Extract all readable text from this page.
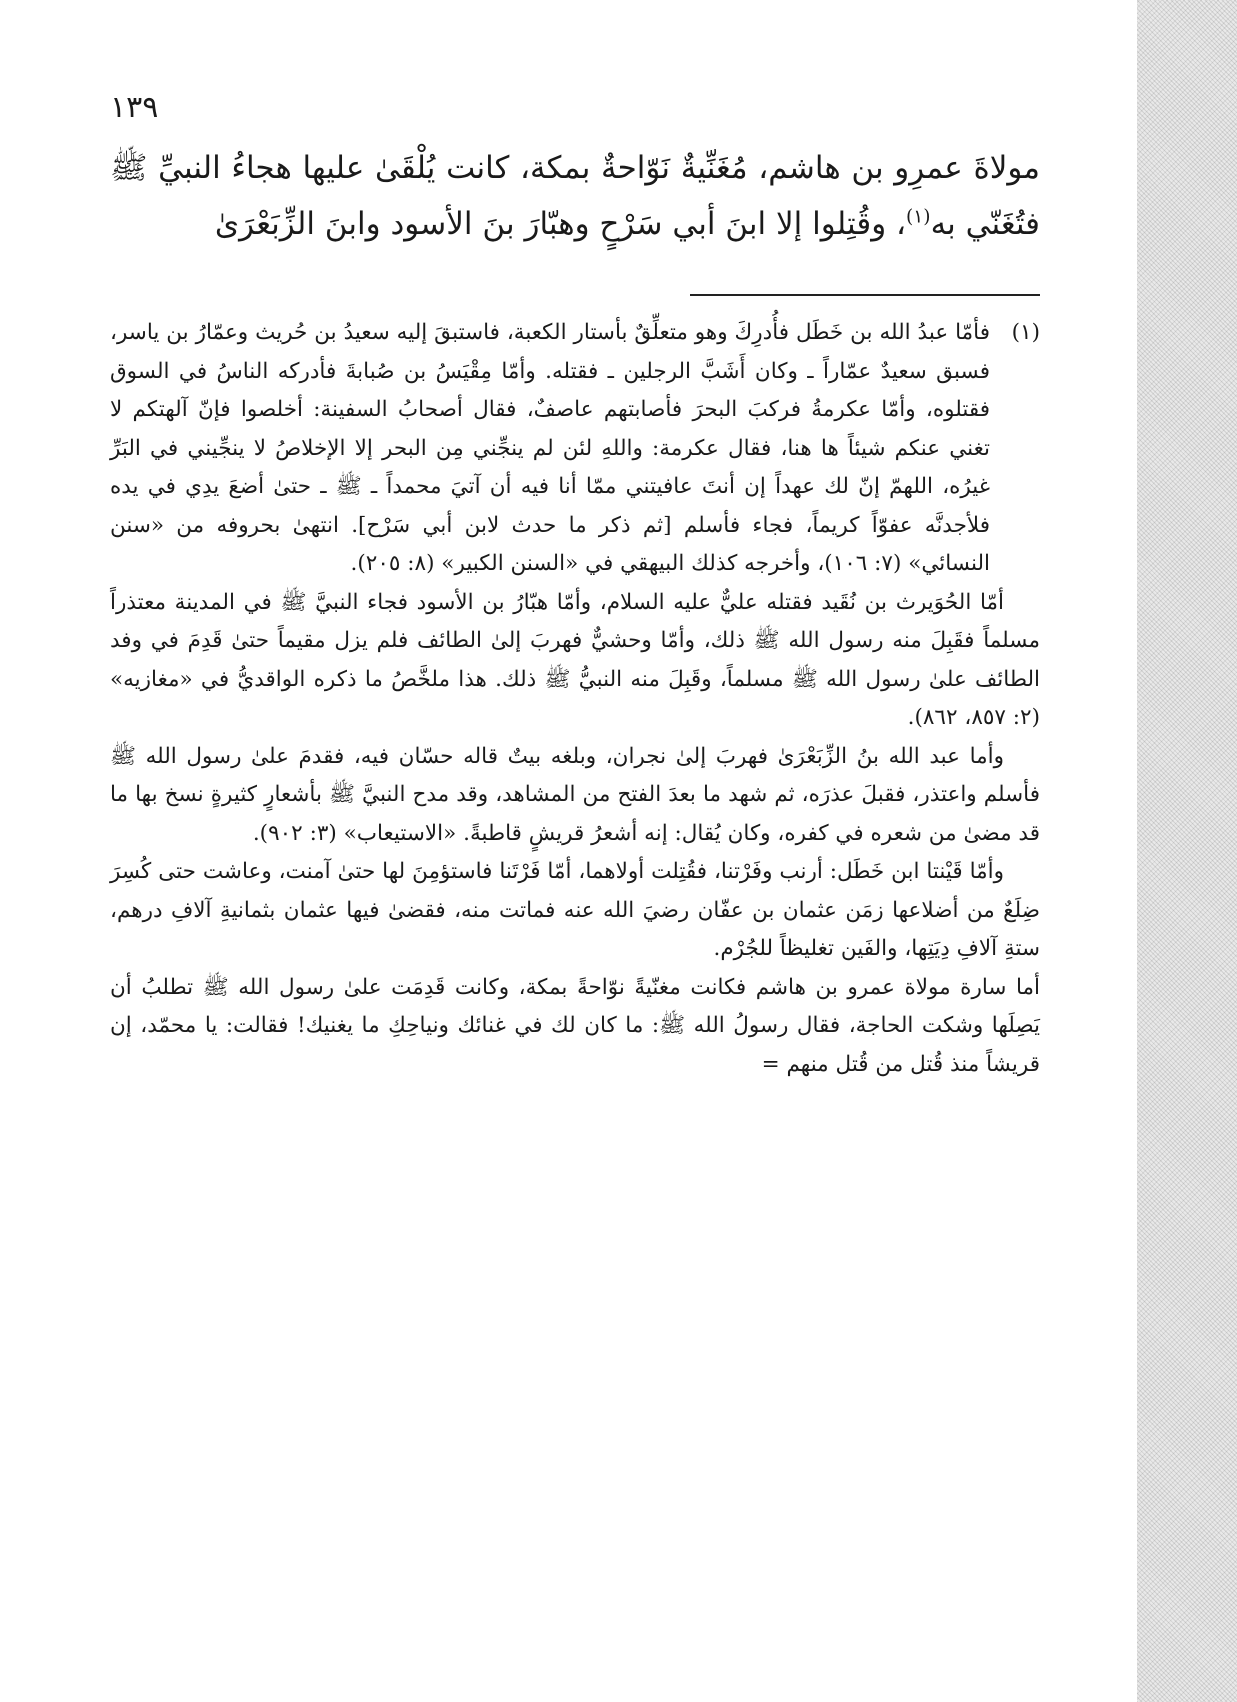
١٣٩

مولاةَ عمرِو بن هاشم، مُغَنِّيةٌ نَوّاحةٌ بمكة، كانت يُلْقَىٰ عليها هجاءُ النبيِّ ﷺ فتُغَنّي به$^{(١)}$، وقُتِلوا إلا ابنَ أبي سَرْحٍ وهبّارَ بنَ الأسود وابنَ الزِّبَعْرَىٰ

(١)
فأمّا عبدُ الله بن خَطَل فأُدرِكَ وهو متعلِّقٌ بأستار الكعبة، فاستبقَ إليه سعيدُ بن حُريث وعمّارُ بن ياسر، فسبق سعيدٌ عمّاراً ـ وكان أَشَبَّ الرجلين ـ فقتله. وأمّا مِقْيَسُ بن صُبابةَ فأدركه الناسُ في السوق فقتلوه، وأمّا عكرمةُ فركبَ البحرَ فأصابتهم عاصفٌ، فقال أصحابُ السفينة: أخلصوا فإنّ آلهتكم لا تغني عنكم شيئاً ها هنا، فقال عكرمة: واللهِ لئن لم ينجِّني مِن البحر إلا الإخلاصُ لا ينجِّيني في البَرِّ غيرُه، اللهمّ إنّ لك عهداً إن أنتَ عافيتني ممّا أنا فيه أن آتيَ محمداً ـ ﷺ ـ حتىٰ أضعَ يدِي في يده فلأجدنَّه عفوّاً كريماً، فجاء فأسلم [ثم ذكر ما حدث لابن أبي سَرْح]. انتهىٰ بحروفه من «سنن النسائي» (٧: ١٠٦)، وأخرجه كذلك البيهقي في «السنن الكبير» (٨: ٢٠٥).

أمّا الحُوَيرث بن نُقَيد فقتله عليٌّ عليه السلام، وأمّا هبّارُ بن الأسود فجاء النبيَّ ﷺ في المدينة معتذراً مسلماً فقَبِلَ منه رسول الله ﷺ ذلك، وأمّا وحشيٌّ فهربَ إلىٰ الطائف فلم يزل مقيماً حتىٰ قَدِمَ في وفد الطائف علىٰ رسول الله ﷺ مسلماً، وقَبِلَ منه النبيُّ ﷺ ذلك. هذا ملخَّصُ ما ذكره الواقديُّ في «مغازيه» (٢: ٨٥٧، ٨٦٢).

وأما عبد الله بنُ الزِّبَعْرَىٰ فهربَ إلىٰ نجران، وبلغه بيتٌ قاله حسّان فيه، فقدمَ علىٰ رسول الله ﷺ فأسلم واعتذر، فقبلَ عذرَه، ثم شهد ما بعدَ الفتح من المشاهد، وقد مدح النبيَّ ﷺ بأشعارٍ كثيرةٍ نسخ بها ما قد مضىٰ من شعره في كفره، وكان يُقال: إنه أشعرُ قريشٍ قاطبةً. «الاستيعاب» (٣: ٩٠٢).

وأمّا قَيْنتا ابن خَطَل: أرنب وفَرْتنا، فقُتِلت أولاهما، أمّا فَرْتَنا فاستؤمِنَ لها حتىٰ آمنت، وعاشت حتى كُسِرَ ضِلَعٌ من أضلاعها زمَن عثمان بن عفّان رضيَ الله عنه فماتت منه، فقضىٰ فيها عثمان بثمانيةِ آلافِ درهم، ستةِ آلافِ دِيَتِها، والفَين تغليظاً للجُرْم.

أما سارة مولاة عمرو بن هاشم فكانت مغنّيةً نوّاحةً بمكة، وكانت قَدِمَت علىٰ رسول الله ﷺ تطلبُ أن يَصِلَها وشكت الحاجة، فقال رسولُ الله ﷺ: ما كان لك في غنائك ونياحِكِ ما يغنيك! فقالت: يا محمّد، إن قريشاً منذ قُتل من قُتل منهم =
